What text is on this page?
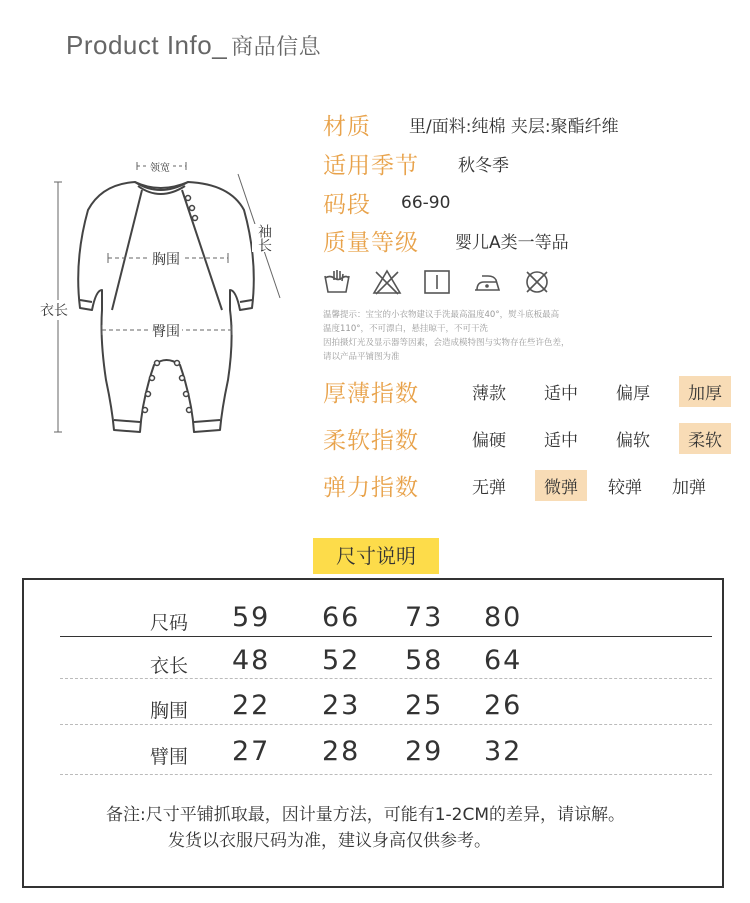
Product Info_ 商品信息
领宽
胸围
臀围
衣长
袖长
材质	里/面料:纯棉 夹层:聚酯纤维
适用季节	秋冬季
码段	66-90
质量等级	婴儿A类一等品
温馨提示：宝宝的小衣物建议手洗最高温度40°，熨斗底板最高
温度110°，不可漂白，悬挂晾干，不可干洗
因拍摄灯光及显示器等因素，会造成模特图与实物存在些许色差，
请以产品平铺图为准
厚薄指数	薄款	适中	偏厚	加厚
柔软指数	偏硬	适中	偏软	柔软
弹力指数	无弹	微弹	较弹	加弹
尺寸说明
尺码	59 66 73 80
衣长	48 52 58 64
胸围	22 23 25 26
臂围	27 28 29 32
备注:尺寸平铺抓取最，因计量方法，可能有1-2CM的差异，请谅解。
发货以衣服尺码为准，建议身高仅供参考。
